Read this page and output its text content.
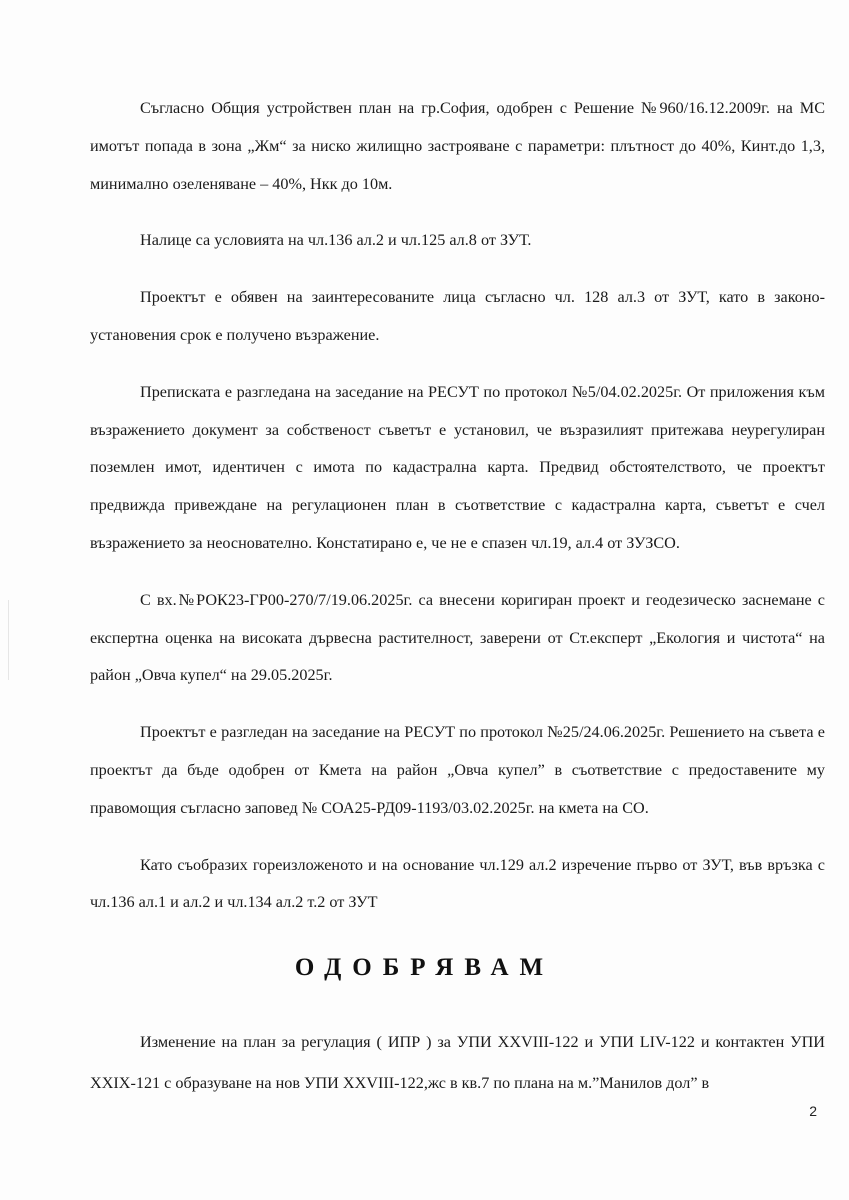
Съгласно Общия устройствен план на гр.София, одобрен с Решение №960/16.12.2009г. на МС имотът попада в зона „Жм“ за ниско жилищно застрояване с параметри: плътност до 40%, Кинт.до 1,3, минимално озеленяване – 40%, Нкк до 10м.

Налице са условията на чл.136 ал.2 и чл.125 ал.8 от ЗУТ.

Проектът е обявен на заинтересованите лица съгласно чл. 128 ал.3 от ЗУТ, като в законо-установения срок е получено възражение.

Преписката е разгледана на заседание на РЕСУТ по протокол №5/04.02.2025г. От приложения към възражението документ за собственост съветът е установил, че възразилият притежава неурегулиран поземлен имот, идентичен с имота по кадастрална карта. Предвид обстоятелството, че проектът предвижда привеждане на регулационен план в съответствие с кадастрална карта, съветът е счел възражението за неоснователно. Констатирано е, че не е спазен чл.19, ал.4 от ЗУЗСО.

С вх.№РОК23-ГР00-270/7/19.06.2025г. са внесени коригиран проект и геодезическо заснемане с експертна оценка на високата дървесна растителност, заверени от Ст.експерт „Екология и чистота“ на район „Овча купел“ на 29.05.2025г.

Проектът е разгледан на заседание на РЕСУТ по протокол №25/24.06.2025г. Решението на съвета е проектът да бъде одобрен от Кмета на район „Овча купел” в съответствие с предоставените му правомощия съгласно заповед № СОА25-РД09-1193/03.02.2025г. на кмета на СО.

Като съобразих гореизложеното и на основание чл.129 ал.2 изречение първо от ЗУТ, във връзка с чл.136 ал.1 и ал.2 и чл.134 ал.2 т.2 от ЗУТ

ОДОБРЯВАМ

Изменение на план за регулация ( ИПР ) за УПИ XXVIII-122 и УПИ LIV-122 и контактен УПИ XXIX-121 с образуване на нов УПИ XXVIII-122,жс в кв.7 по плана на м.”Манилов дол” в

2
